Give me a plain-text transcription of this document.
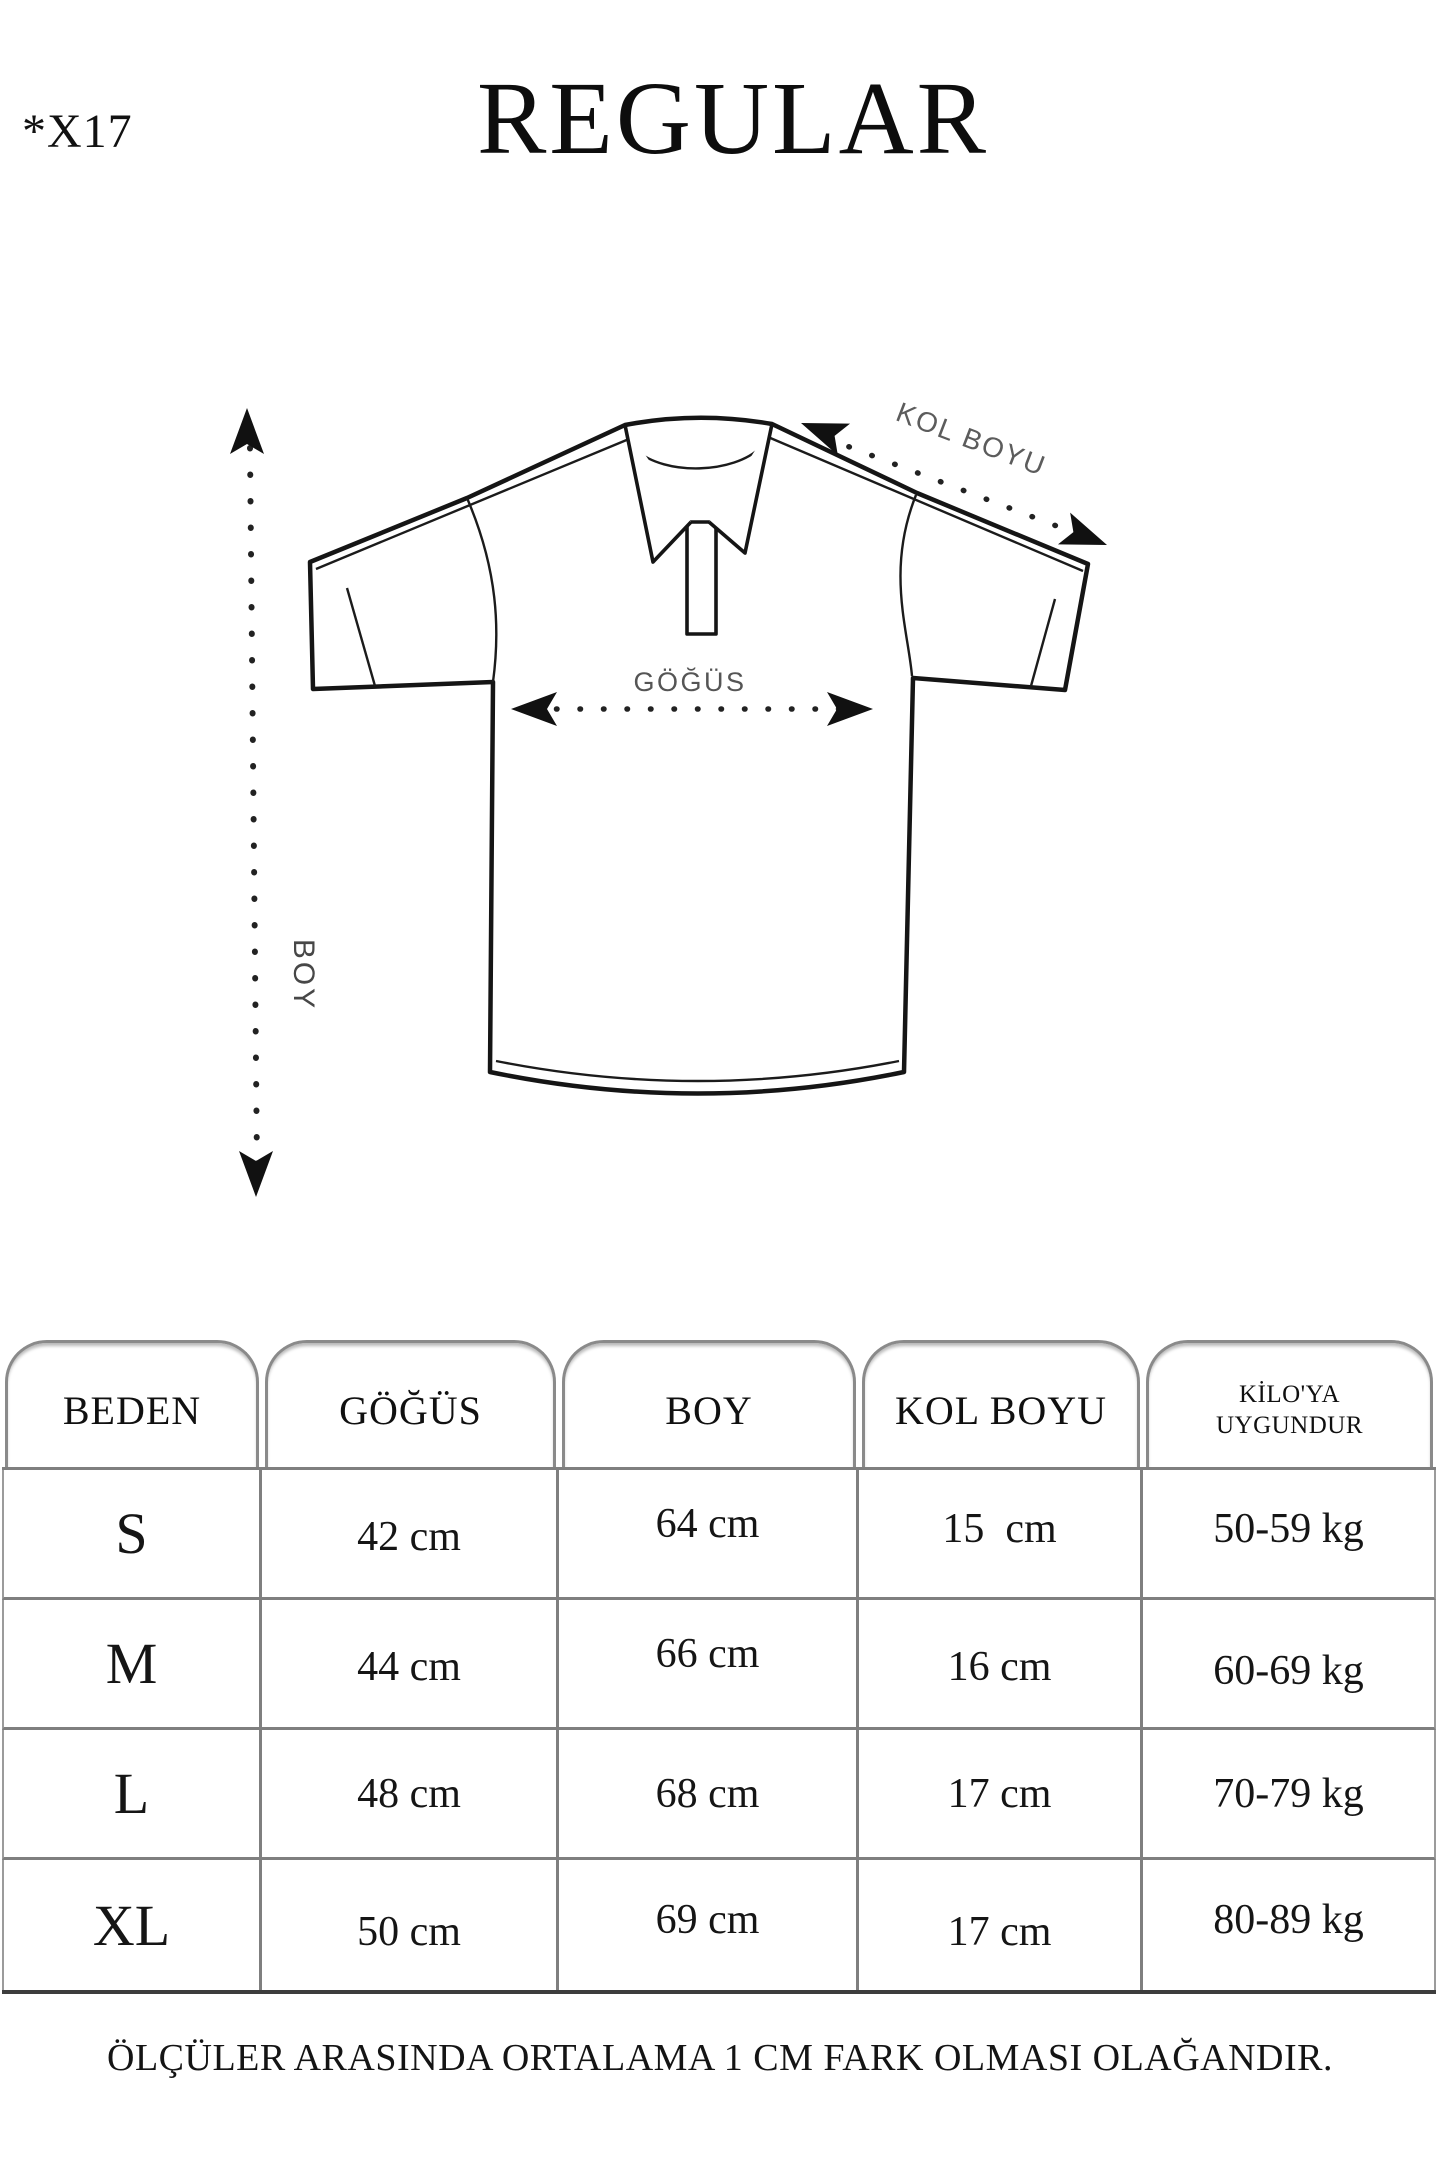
*X17	REGULAR
BOY
KOL BOYU
GÖĞÜS
BEDEN	GÖĞÜS	BOY	KOL BOYU	KİLO'YA UYGUNDUR
S	42 cm	64 cm	15  cm	50-59 kg
M	44 cm	66 cm	16 cm	60-69 kg
L	48 cm	68 cm	17 cm	70-79 kg
XL	50 cm	69 cm	17 cm	80-89 kg
ÖLÇÜLER ARASINDA ORTALAMA 1 CM FARK OLMASI OLAĞANDIR.
